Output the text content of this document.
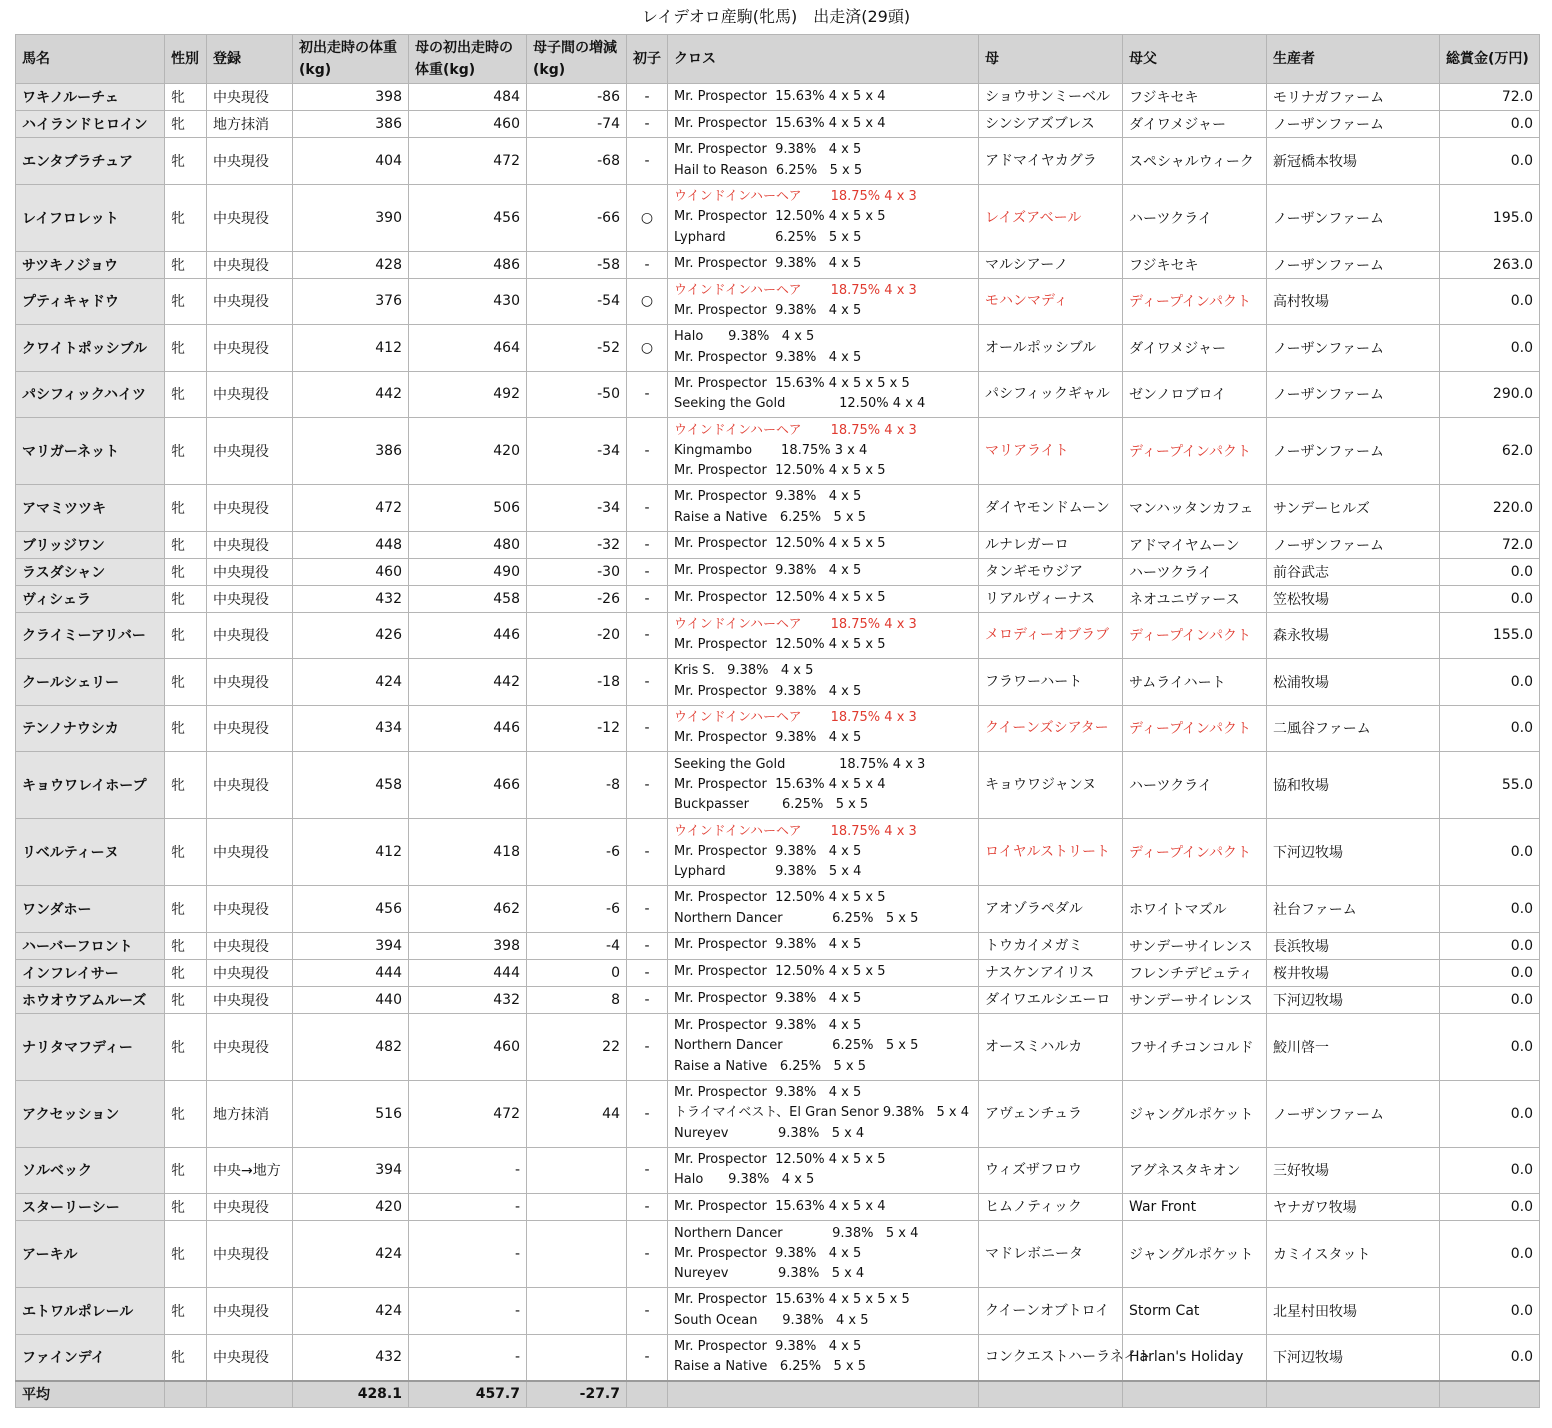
レイデオロ産駒(牝馬)　出走済(29頭)
馬名	性別	登録	初出走時の体重(kg)	母の初出走時の体重(kg)	母子間の増減(kg)	初子	クロス	母	母父	生産者	総賞金(万円)
ワキノルーチェ	牝	中央現役	398	484	-86	-	Mr. Prospector  15.63% 4 x 5 x 4	ショウサンミーベル	フジキセキ	モリナガファーム	72.0
ハイランドヒロイン	牝	地方抹消	386	460	-74	-	Mr. Prospector  15.63% 4 x 5 x 4	シンシアズブレス	ダイワメジャー	ノーザンファーム	0.0
エンタブラチュア	牝	中央現役	404	472	-68	-	Mr. Prospector  9.38%   4 x 5
Hail to Reason  6.25%   5 x 5	アドマイヤカグラ	スペシャルウィーク	新冠橋本牧場	0.0
レイフロレット	牝	中央現役	390	456	-66	○	ウインドインハーヘア       18.75% 4 x 3
Mr. Prospector  12.50% 4 x 5 x 5
Lyphard            6.25%   5 x 5	レイズアベール	ハーツクライ	ノーザンファーム	195.0
サツキノジョウ	牝	中央現役	428	486	-58	-	Mr. Prospector  9.38%   4 x 5	マルシアーノ	フジキセキ	ノーザンファーム	263.0
プティキャドウ	牝	中央現役	376	430	-54	○	ウインドインハーヘア       18.75% 4 x 3
Mr. Prospector  9.38%   4 x 5	モハンマディ	ディープインパクト	高村牧場	0.0
クワイトポッシブル	牝	中央現役	412	464	-52	○	Halo      9.38%   4 x 5
Mr. Prospector  9.38%   4 x 5	オールポッシブル	ダイワメジャー	ノーザンファーム	0.0
パシフィックハイツ	牝	中央現役	442	492	-50	-	Mr. Prospector  15.63% 4 x 5 x 5 x 5
Seeking the Gold             12.50% 4 x 4	パシフィックギャル	ゼンノロブロイ	ノーザンファーム	290.0
マリガーネット	牝	中央現役	386	420	-34	-	ウインドインハーヘア       18.75% 4 x 3
Kingmambo       18.75% 3 x 4
Mr. Prospector  12.50% 4 x 5 x 5	マリアライト	ディープインパクト	ノーザンファーム	62.0
アマミツツキ	牝	中央現役	472	506	-34	-	Mr. Prospector  9.38%   4 x 5
Raise a Native   6.25%   5 x 5	ダイヤモンドムーン	マンハッタンカフェ	サンデーヒルズ	220.0
ブリッジワン	牝	中央現役	448	480	-32	-	Mr. Prospector  12.50% 4 x 5 x 5	ルナレガーロ	アドマイヤムーン	ノーザンファーム	72.0
ラスダシャン	牝	中央現役	460	490	-30	-	Mr. Prospector  9.38%   4 x 5	タンギモウジア	ハーツクライ	前谷武志	0.0
ヴィシェラ	牝	中央現役	432	458	-26	-	Mr. Prospector  12.50% 4 x 5 x 5	リアルヴィーナス	ネオユニヴァース	笠松牧場	0.0
クライミーアリバー	牝	中央現役	426	446	-20	-	ウインドインハーヘア       18.75% 4 x 3
Mr. Prospector  12.50% 4 x 5 x 5	メロディーオブラブ	ディープインパクト	森永牧場	155.0
クールシェリー	牝	中央現役	424	442	-18	-	Kris S.   9.38%   4 x 5
Mr. Prospector  9.38%   4 x 5	フラワーハート	サムライハート	松浦牧場	0.0
テンノナウシカ	牝	中央現役	434	446	-12	-	ウインドインハーヘア       18.75% 4 x 3
Mr. Prospector  9.38%   4 x 5	クイーンズシアター	ディープインパクト	二風谷ファーム	0.0
キョウワレイホープ	牝	中央現役	458	466	-8	-	Seeking the Gold             18.75% 4 x 3
Mr. Prospector  15.63% 4 x 5 x 4
Buckpasser        6.25%   5 x 5	キョウワジャンヌ	ハーツクライ	協和牧場	55.0
リベルティーヌ	牝	中央現役	412	418	-6	-	ウインドインハーヘア       18.75% 4 x 3
Mr. Prospector  9.38%   4 x 5
Lyphard            9.38%   5 x 4	ロイヤルストリート	ディープインパクト	下河辺牧場	0.0
ワンダホー	牝	中央現役	456	462	-6	-	Mr. Prospector  12.50% 4 x 5 x 5
Northern Dancer            6.25%   5 x 5	アオゾラペダル	ホワイトマズル	社台ファーム	0.0
ハーバーフロント	牝	中央現役	394	398	-4	-	Mr. Prospector  9.38%   4 x 5	トウカイメガミ	サンデーサイレンス	長浜牧場	0.0
インフレイサー	牝	中央現役	444	444	0	-	Mr. Prospector  12.50% 4 x 5 x 5	ナスケンアイリス	フレンチデピュティ	桜井牧場	0.0
ホウオウアムルーズ	牝	中央現役	440	432	8	-	Mr. Prospector  9.38%   4 x 5	ダイワエルシエーロ	サンデーサイレンス	下河辺牧場	0.0
ナリタマフディー	牝	中央現役	482	460	22	-	Mr. Prospector  9.38%   4 x 5
Northern Dancer            6.25%   5 x 5
Raise a Native   6.25%   5 x 5	オースミハルカ	フサイチコンコルド	鮫川啓一	0.0
アクセッション	牝	地方抹消	516	472	44	-	Mr. Prospector  9.38%   4 x 5
トライマイベスト、El Gran Senor 9.38%   5 x 4
Nureyev            9.38%   5 x 4	アヴェンチュラ	ジャングルポケット	ノーザンファーム	0.0
ソルベック	牝	中央→地方	394	-		-	Mr. Prospector  12.50% 4 x 5 x 5
Halo      9.38%   4 x 5	ウィズザフロウ	アグネスタキオン	三好牧場	0.0
スターリーシー	牝	中央現役	420	-		-	Mr. Prospector  15.63% 4 x 5 x 4	ヒムノティック	War Front	ヤナガワ牧場	0.0
アーキル	牝	中央現役	424	-		-	Northern Dancer            9.38%   5 x 4
Mr. Prospector  9.38%   4 x 5
Nureyev            9.38%   5 x 4	マドレボニータ	ジャングルポケット	カミイスタット	0.0
エトワルポレール	牝	中央現役	424	-		-	Mr. Prospector  15.63% 4 x 5 x 5 x 5
South Ocean      9.38%   4 x 5	クイーンオブトロイ	Storm Cat	北星村田牧場	0.0
ファインデイ	牝	中央現役	432	-		-	Mr. Prospector  9.38%   4 x 5
Raise a Native   6.25%   5 x 5	コンクエストハーラネイト	Harlan's Holiday	下河辺牧場	0.0
平均			428.1	457.7	-27.7						
